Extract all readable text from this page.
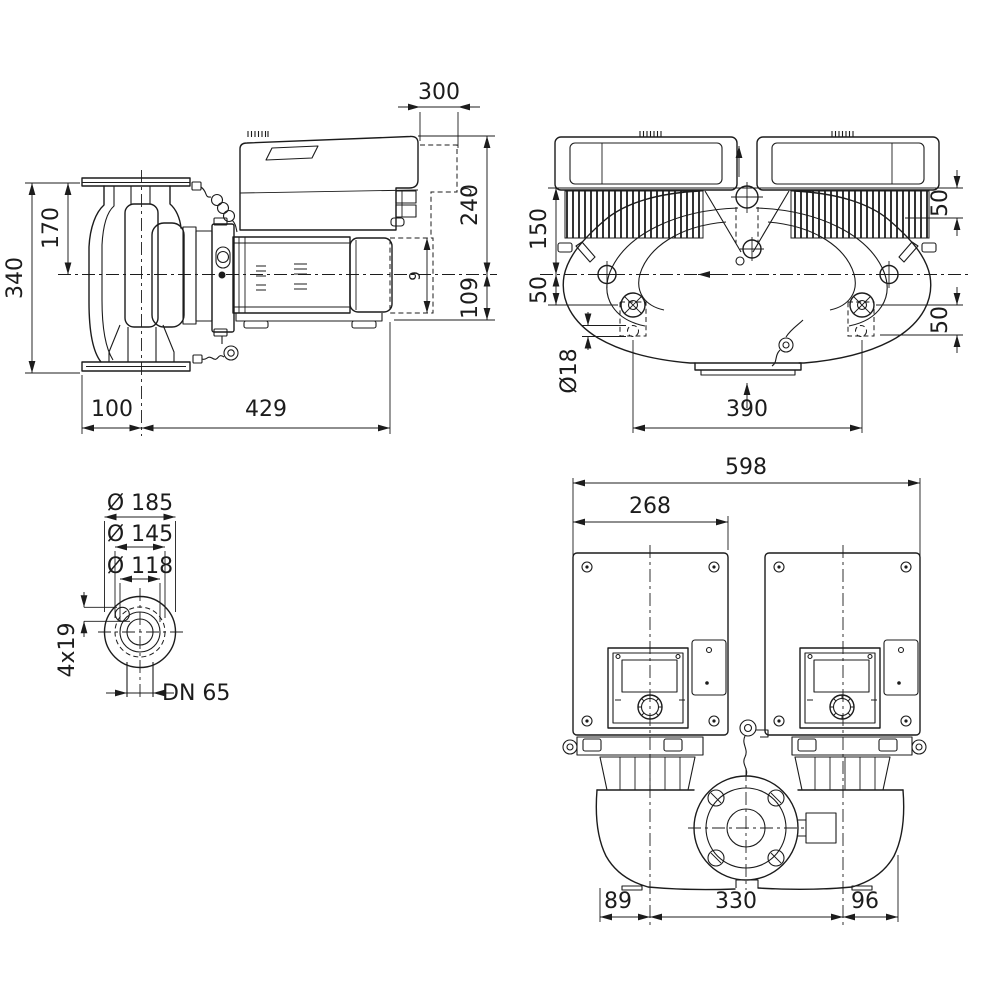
340
170
300
240
109
9
100	429
150
50
50
50
Ø18
390
Ø 185
Ø 145
Ø 118
4x19
DN 65
598
268
89	330	96
